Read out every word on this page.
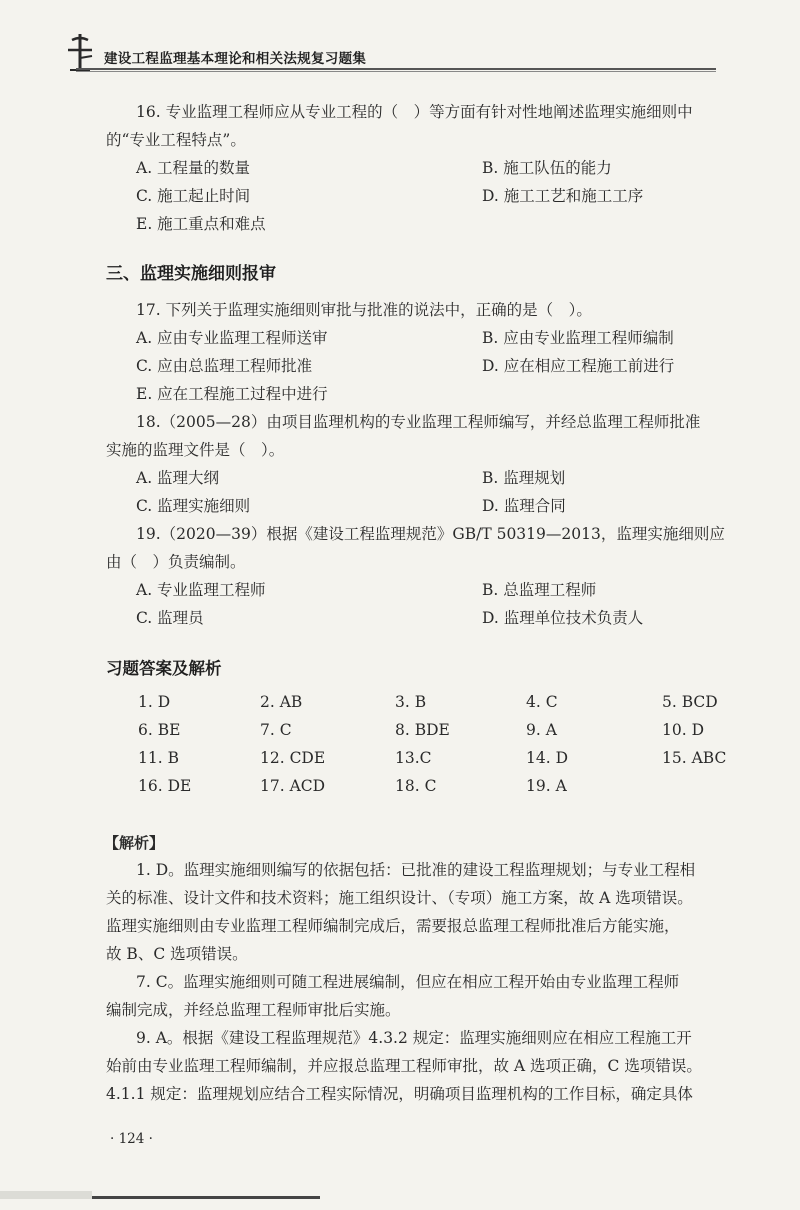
建设工程监理基本理论和相关法规复习题集
16. 专业监理工程师应从专业工程的（　）等方面有针对性地阐述监理实施细则中
的“专业工程特点”。
A. 工程量的数量	B. 施工队伍的能力
C. 施工起止时间	D. 施工工艺和施工工序
E. 施工重点和难点
三、监理实施细则报审
17. 下列关于监理实施细则审批与批准的说法中，正确的是（　）。
A. 应由专业监理工程师送审	B. 应由专业监理工程师编制
C. 应由总监理工程师批准	D. 应在相应工程施工前进行
E. 应在工程施工过程中进行
18.（2005—28）由项目监理机构的专业监理工程师编写，并经总监理工程师批准
实施的监理文件是（　）。
A. 监理大纲	B. 监理规划
C. 监理实施细则	D. 监理合同
19.（2020—39）根据《建设工程监理规范》GB/T 50319—2013，监理实施细则应
由（　）负责编制。
A. 专业监理工程师	B. 总监理工程师
C. 监理员	D. 监理单位技术负责人
习题答案及解析
1. D	2. AB	3. B	4. C	5. BCD
6. BE	7. C	8. BDE	9. A	10. D
11. B	12. CDE	13.C	14. D	15. ABC
16. DE	17. ACD	18. C	19. A
【解析】
1. D。监理实施细则编写的依据包括：已批准的建设工程监理规划；与专业工程相
关的标准、设计文件和技术资料；施工组织设计、（专项）施工方案，故 A 选项错误。
监理实施细则由专业监理工程师编制完成后，需要报总监理工程师批准后方能实施，
故 B、C 选项错误。
7. C。监理实施细则可随工程进展编制，但应在相应工程开始由专业监理工程师
编制完成，并经总监理工程师审批后实施。
9. A。根据《建设工程监理规范》4.3.2 规定：监理实施细则应在相应工程施工开
始前由专业监理工程师编制，并应报总监理工程师审批，故 A 选项正确，C 选项错误。
4.1.1 规定：监理规划应结合工程实际情况，明确项目监理机构的工作目标，确定具体
· 124 ·
